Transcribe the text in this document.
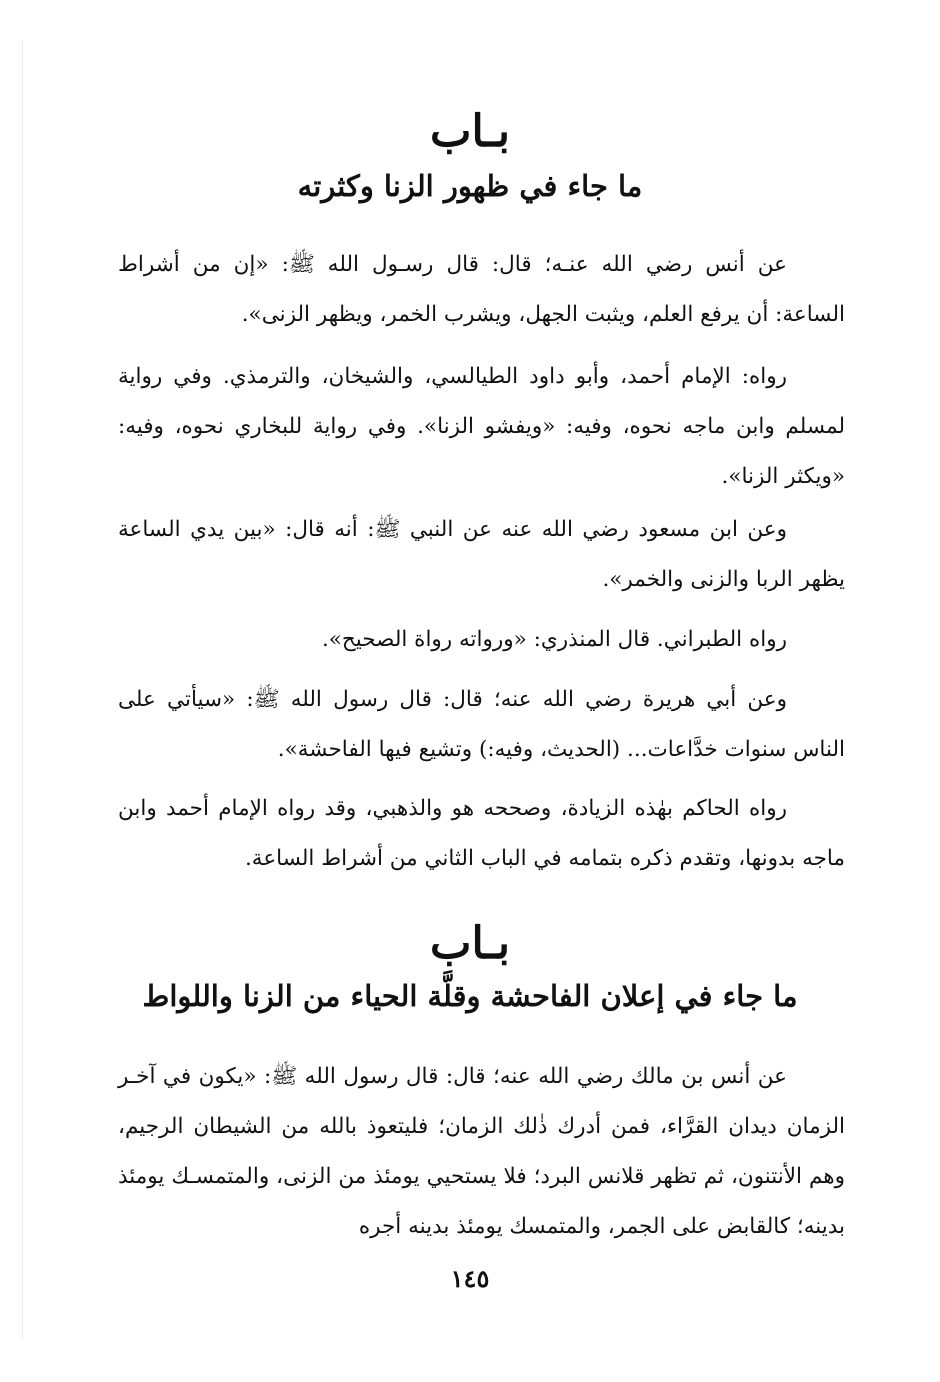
بـاب
ما جاء في ظهور الزنا وكثرته

عن أنس رضي الله عنـه؛ قال: قال رسـول الله ﷺ: «إن من أشراط الساعة: أن يرفع العلم، ويثبت الجهل، ويشرب الخمر، ويظهر الزنى».

رواه: الإمام أحمد، وأبو داود الطيالسي، والشيخان، والترمذي. وفي رواية لمسلم وابن ماجه نحوه، وفيه: «ويفشو الزنا». وفي رواية للبخاري نحوه، وفيه: «ويكثر الزنا».

وعن ابن مسعود رضي الله عنه عن النبي ﷺ: أنه قال: «بين يدي الساعة يظهر الربا والزنى والخمر».

رواه الطبراني. قال المنذري: «ورواته رواة الصحيح».

وعن أبي هريرة رضي الله عنه؛ قال: قال رسول الله ﷺ: «سيأتي على الناس سنوات خدَّاعات... (الحديث، وفيه:) وتشيع فيها الفاحشة».

رواه الحاكم بهٰذه الزيادة، وصححه هو والذهبي، وقد رواه الإمام أحمد وابن ماجه بدونها، وتقدم ذكره بتمامه في الباب الثاني من أشراط الساعة.

بـاب
ما جاء في إعلان الفاحشة وقلَّة الحياء من الزنا واللواط

عن أنس بن مالك رضي الله عنه؛ قال: قال رسول الله ﷺ: «يكون في آخـر الزمان ديدان القرَّاء، فمن أدرك ذٰلك الزمان؛ فليتعوذ بالله من الشيطان الرجيم، وهم الأنتنون، ثم تظهر قلانس البرد؛ فلا يستحيي يومئذ من الزنى، والمتمسـك يومئذ بدينه؛ كالقابض على الجمر، والمتمسك يومئذ بدينه أجره

١٤٥
